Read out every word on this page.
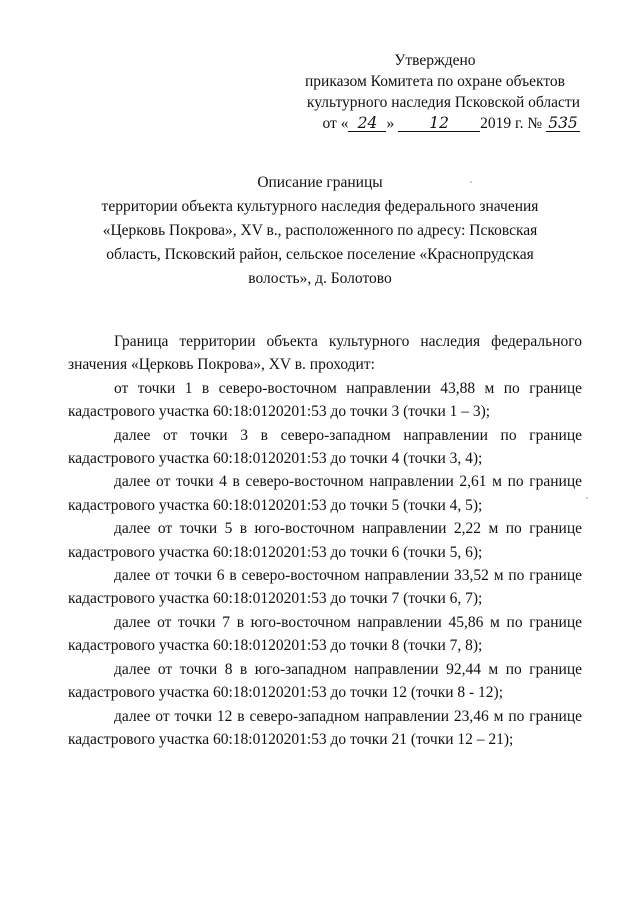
Утверждено
приказом Комитета по охране объектов
культурного наследия Псковской области
от « 24 » 12 2019 г. № 535
Описание границы
территории объекта культурного наследия федерального значения
«Церковь Покрова», XV в., расположенного по адресу: Псковская
область, Псковский район, сельское поселение «Краснопрудская
волость», д. Болотово

Граница территории объекта культурного наследия федерального значения «Церковь Покрова», XV в. проходит:

от точки 1 в северо-восточном направлении 43,88 м по границе кадастрового участка 60:18:0120201:53 до точки 3 (точки 1 – 3);

далее от точки 3 в северо-западном направлении по границе кадастрового участка 60:18:0120201:53 до точки 4 (точки 3, 4);

далее от точки 4 в северо-восточном направлении 2,61 м по границе кадастрового участка 60:18:0120201:53 до точки 5 (точки 4, 5);

далее от точки 5 в юго-восточном направлении 2,22 м по границе кадастрового участка 60:18:0120201:53 до точки 6 (точки 5, 6);

далее от точки 6 в северо-восточном направлении 33,52 м по границе кадастрового участка 60:18:0120201:53 до точки 7 (точки 6, 7);

далее от точки 7 в юго-восточном направлении 45,86 м по границе кадастрового участка 60:18:0120201:53 до точки 8 (точки 7, 8);

далее от точки 8 в юго-западном направлении 92,44 м по границе кадастрового участка 60:18:0120201:53 до точки 12 (точки 8 - 12);

далее от точки 12 в северо-западном направлении 23,46 м по границе кадастрового участка 60:18:0120201:53 до точки 21 (точки 12 – 21);
